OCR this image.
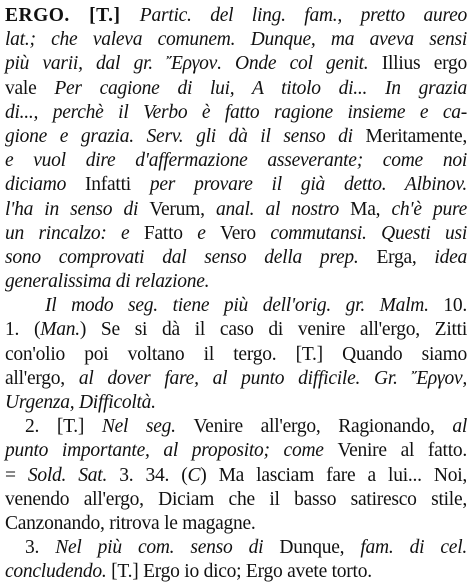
ERGO. [T.] Partic. del ling. fam., pretto aureo
lat.; che valeva comunem. Dunque, ma aveva sensi
più varii, dal gr. Ἔργον. Onde col genit. Illius ergo
vale Per cagione di lui, A titolo di... In grazia
di..., perchè il Verbo è fatto ragione insieme e ca-
gione e grazia. Serv. gli dà il senso di Meritamente,
e vuol dire d'affermazione asseverante; come noi
diciamo Infatti per provare il già detto. Albinov.
l'ha in senso di Verum, anal. al nostro Ma, ch'è pure
un rincalzo: e Fatto e Vero commutansi. Questi usi
sono comprovati dal senso della prep. Erga, idea
generalissima di relazione.
Il modo seg. tiene più dell'orig. gr. Malm. 10.
1. (Man.) Se si dà il caso di venire all'ergo, Zitti
con'olio poi voltano il tergo. [T.] Quando siamo
all'ergo, al dover fare, al punto difficile. Gr. Ἔργον,
Urgenza, Difficoltà.
2. [T.] Nel seg. Venire all'ergo, Ragionando, al
punto importante, al proposito; come Venire al fatto.
= Sold. Sat. 3. 34. (C) Ma lasciam fare a lui... Noi,
venendo all'ergo, Diciam che il basso satiresco stile,
Canzonando, ritrova le magagne.
3. Nel più com. senso di Dunque, fam. di cel.
concludendo. [T.] Ergo io dico; Ergo avete torto.
